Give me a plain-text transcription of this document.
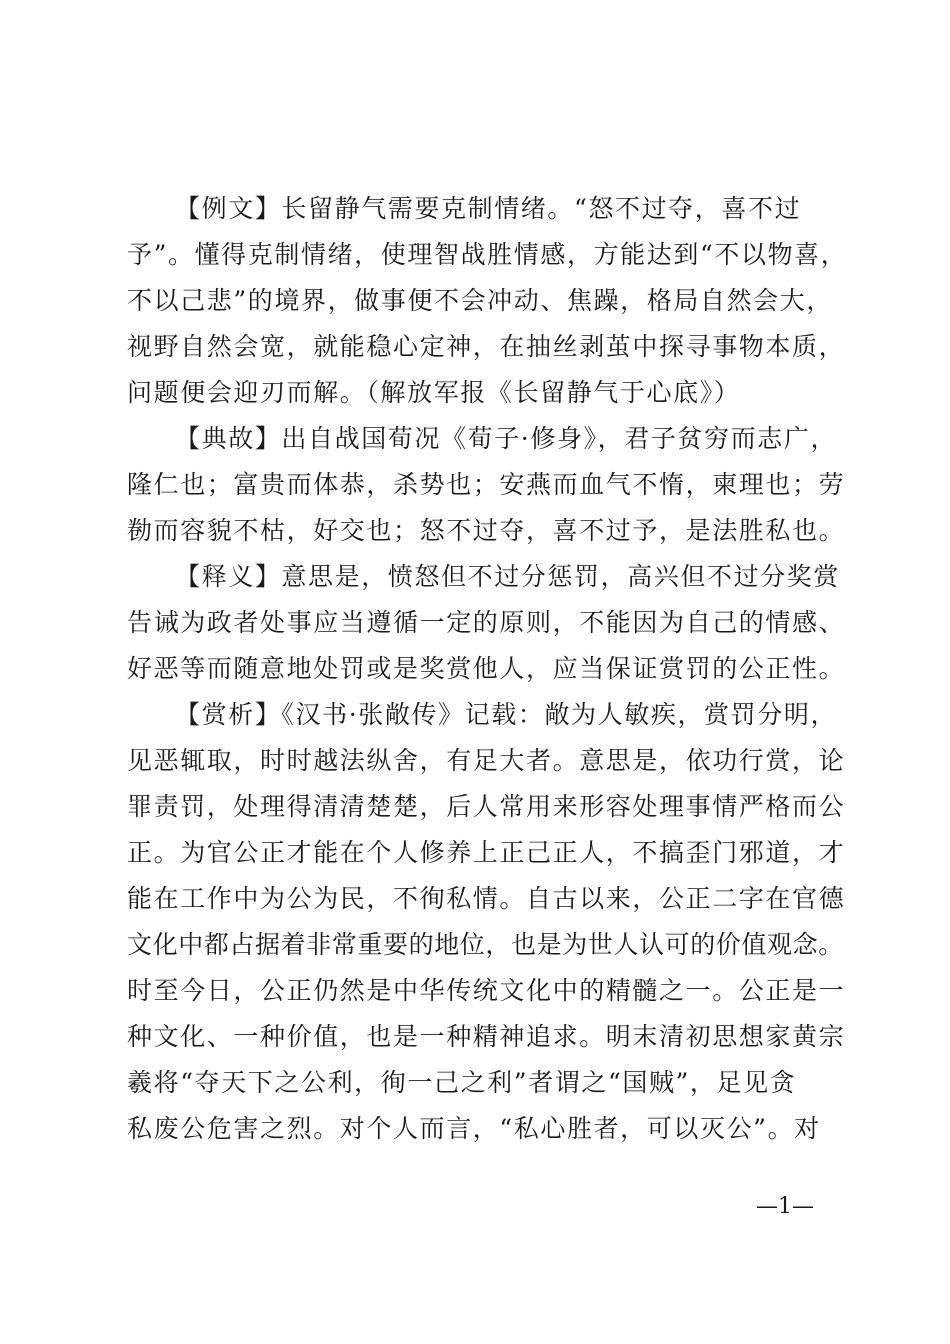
【例文】长留静气需要克制情绪。“怒不过夺，喜不过
予”。懂得克制情绪，使理智战胜情感，方能达到“不以物喜，
不以己悲”的境界，做事便不会冲动、焦躁，格局自然会大，
视野自然会宽，就能稳心定神，在抽丝剥茧中探寻事物本质，
问题便会迎刃而解。（解放军报《长留静气于心底》）
【典故】出自战国荀况《荀子·修身》，君子贫穷而志广，
隆仁也；富贵而体恭，杀势也；安燕而血气不惰，柬理也；劳
勌而容貌不枯，好交也；怒不过夺，喜不过予，是法胜私也。
【释义】意思是，愤怒但不过分惩罚，高兴但不过分奖赏
告诫为政者处事应当遵循一定的原则，不能因为自己的情感、
好恶等而随意地处罚或是奖赏他人，应当保证赏罚的公正性。
【赏析】《汉书·张敞传》记载：敞为人敏疾，赏罚分明，
见恶辄取，时时越法纵舍，有足大者。意思是，依功行赏，论
罪责罚，处理得清清楚楚，后人常用来形容处理事情严格而公
正。为官公正才能在个人修养上正己正人，不搞歪门邪道，才
能在工作中为公为民，不徇私情。自古以来，公正二字在官德
文化中都占据着非常重要的地位，也是为世人认可的价值观念。
时至今日，公正仍然是中华传统文化中的精髓之一。公正是一
种文化、一种价值，也是一种精神追求。明末清初思想家黄宗
羲将“夺天下之公利，徇一己之利”者谓之“国贼”，足见贪
私废公危害之烈。对个人而言，“私心胜者，可以灭公”。对
—1—
